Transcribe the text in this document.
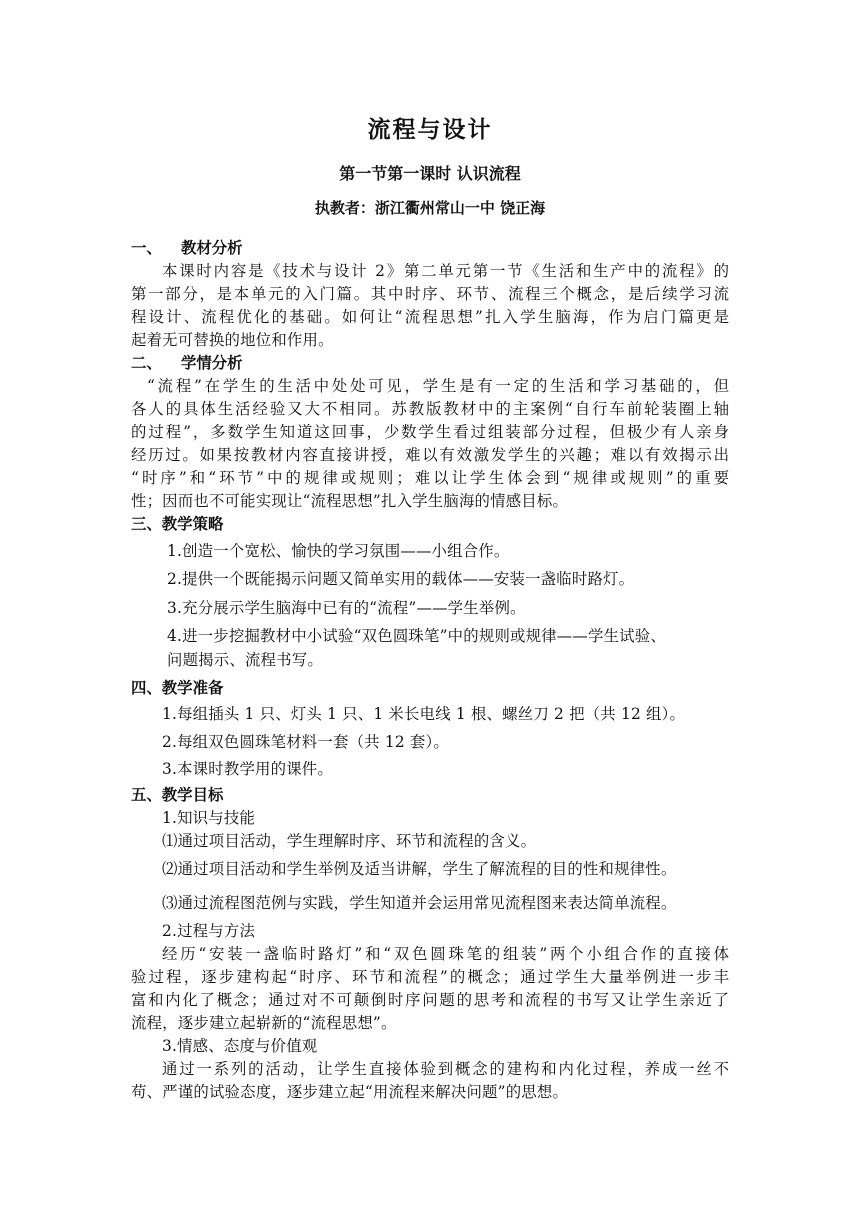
流程与设计
第一节第一课时 认识流程
执教者：浙江衢州常山一中 饶正海
一、 教材分析
本课时内容是《技术与设计 2》第二单元第一节《生活和生产中的流程》的
第一部分，是本单元的入门篇。其中时序、环节、流程三个概念，是后续学习流
程设计、流程优化的基础。如何让“流程思想”扎入学生脑海，作为启门篇更是
起着无可替换的地位和作用。
二、 学情分析
“流程”在学生的生活中处处可见，学生是有一定的生活和学习基础的，但
各人的具体生活经验又大不相同。苏教版教材中的主案例“自行车前轮装圈上轴
的过程”，多数学生知道这回事，少数学生看过组装部分过程，但极少有人亲身
经历过。如果按教材内容直接讲授，难以有效激发学生的兴趣；难以有效揭示出
“时序”和“环节”中的规律或规则；难以让学生体会到“规律或规则”的重要
性；因而也不可能实现让“流程思想”扎入学生脑海的情感目标。
三、教学策略
1.创造一个宽松、愉快的学习氛围——小组合作。
2.提供一个既能揭示问题又简单实用的载体——安装一盏临时路灯。
3.充分展示学生脑海中已有的“流程”——学生举例。
4.进一步挖掘教材中小试验“双色圆珠笔”中的规则或规律——学生试验、
问题揭示、流程书写。
四、教学准备
1.每组插头 1 只、灯头 1 只、1 米长电线 1 根、螺丝刀 2 把（共 12 组）。
2.每组双色圆珠笔材料一套（共 12 套）。
3.本课时教学用的课件。
五、教学目标
1.知识与技能
⑴通过项目活动，学生理解时序、环节和流程的含义。
⑵通过项目活动和学生举例及适当讲解，学生了解流程的目的性和规律性。
⑶通过流程图范例与实践，学生知道并会运用常见流程图来表达简单流程。
2.过程与方法
经历“安装一盏临时路灯”和“双色圆珠笔的组装”两个小组合作的直接体
验过程，逐步建构起“时序、环节和流程”的概念；通过学生大量举例进一步丰
富和内化了概念；通过对不可颠倒时序问题的思考和流程的书写又让学生亲近了
流程，逐步建立起崭新的“流程思想”。
3.情感、态度与价值观
通过一系列的活动，让学生直接体验到概念的建构和内化过程，养成一丝不
苟、严谨的试验态度，逐步建立起“用流程来解决问题”的思想。
